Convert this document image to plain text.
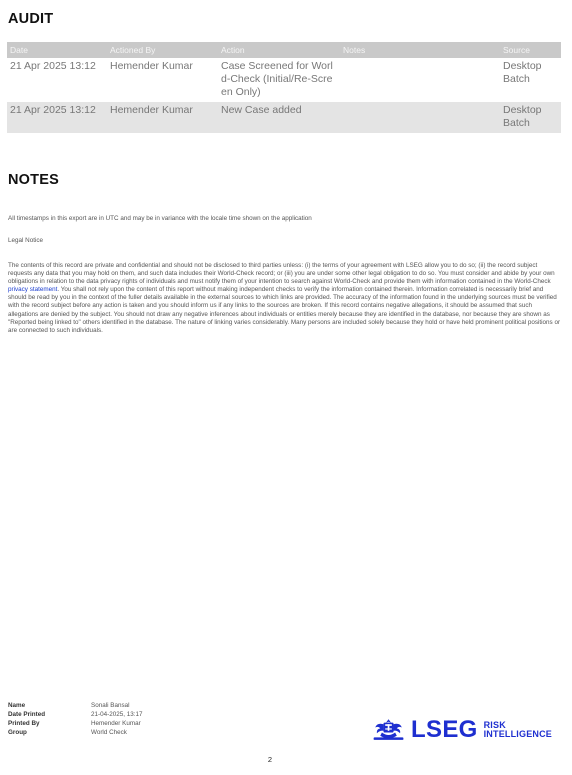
AUDIT
Date	Actioned By	Action	Notes	Source
21 Apr 2025 13:12	Hemender Kumar	Case Screened for World-Check (Initial/Re-Screen Only)		Desktop Batch
21 Apr 2025 13:12	Hemender Kumar	New Case added		Desktop Batch
NOTES
All timestamps in this export are in UTC and may be in variance with the locale time shown on the application
Legal Notice
The contents of this record are private and confidential and should not be disclosed to third parties unless: (i) the terms of your agreement with LSEG allow you to do so; (ii) the record subject requests any data that you may hold on them, and such data includes their World-Check record; or (iii) you are under some other legal obligation to do so. You must consider and abide by your own obligations in relation to the data privacy rights of individuals and must notify them of your intention to search against World-Check and provide them with information contained in the World-Check privacy statement. You shall not rely upon the content of this report without making independent checks to verify the information contained therein. Information correlated is necessarily brief and should be read by you in the context of the fuller details available in the external sources to which links are provided. The accuracy of the information found in the underlying sources must be verified with the record subject before any action is taken and you should inform us if any links to the sources are broken. If this record contains negative allegations, it should be assumed that such allegations are denied by the subject. You should not draw any negative inferences about individuals or entities merely because they are identified in the database, nor because they are shown as "Reported being linked to" others identified in the database. The nature of linking varies considerably. Many persons are included solely because they hold or have held prominent political positions or are connected to such individuals.
Name	Sonali Bansal
Date Printed	21-04-2025, 13:17
Printed By	Hemender Kumar
Group	World Check	LSEG RISK
INTELLIGENCE
2
